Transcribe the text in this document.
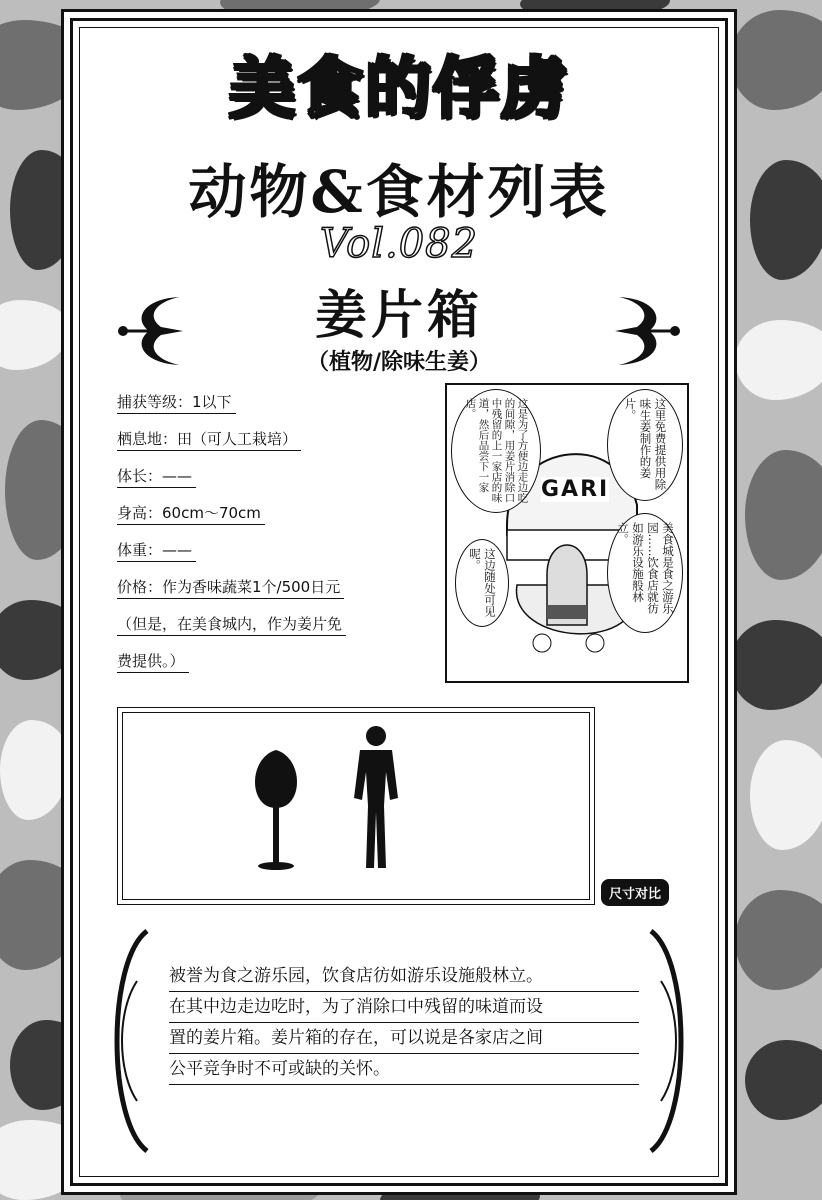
美食的俘虏
动物&食材列表
Vol.082
姜片箱
（植物/除味生姜）
捕获等级：1以下
栖息地：田（可人工栽培）
体长：——
身高：60cm～70cm
体重：——
价格：作为香味蔬菜1个/500日元
（但是，在美食城内，作为姜片免
费提供。）
GARI
这是为了方便边走边吃的间隙，用姜片消除口中残留的上一家店的味道，然后品尝下一家店。	这里免费提供用除味生姜制作的姜片。
美食城是食之游乐园……饮食店就彷如游乐设施般林立。
这边随处可见呢。
尺寸对比
被誉为食之游乐园，饮食店彷如游乐设施般林立。
在其中边走边吃时，为了消除口中残留的味道而设
置的姜片箱。姜片箱的存在，可以说是各家店之间
公平竞争时不可或缺的关怀。
